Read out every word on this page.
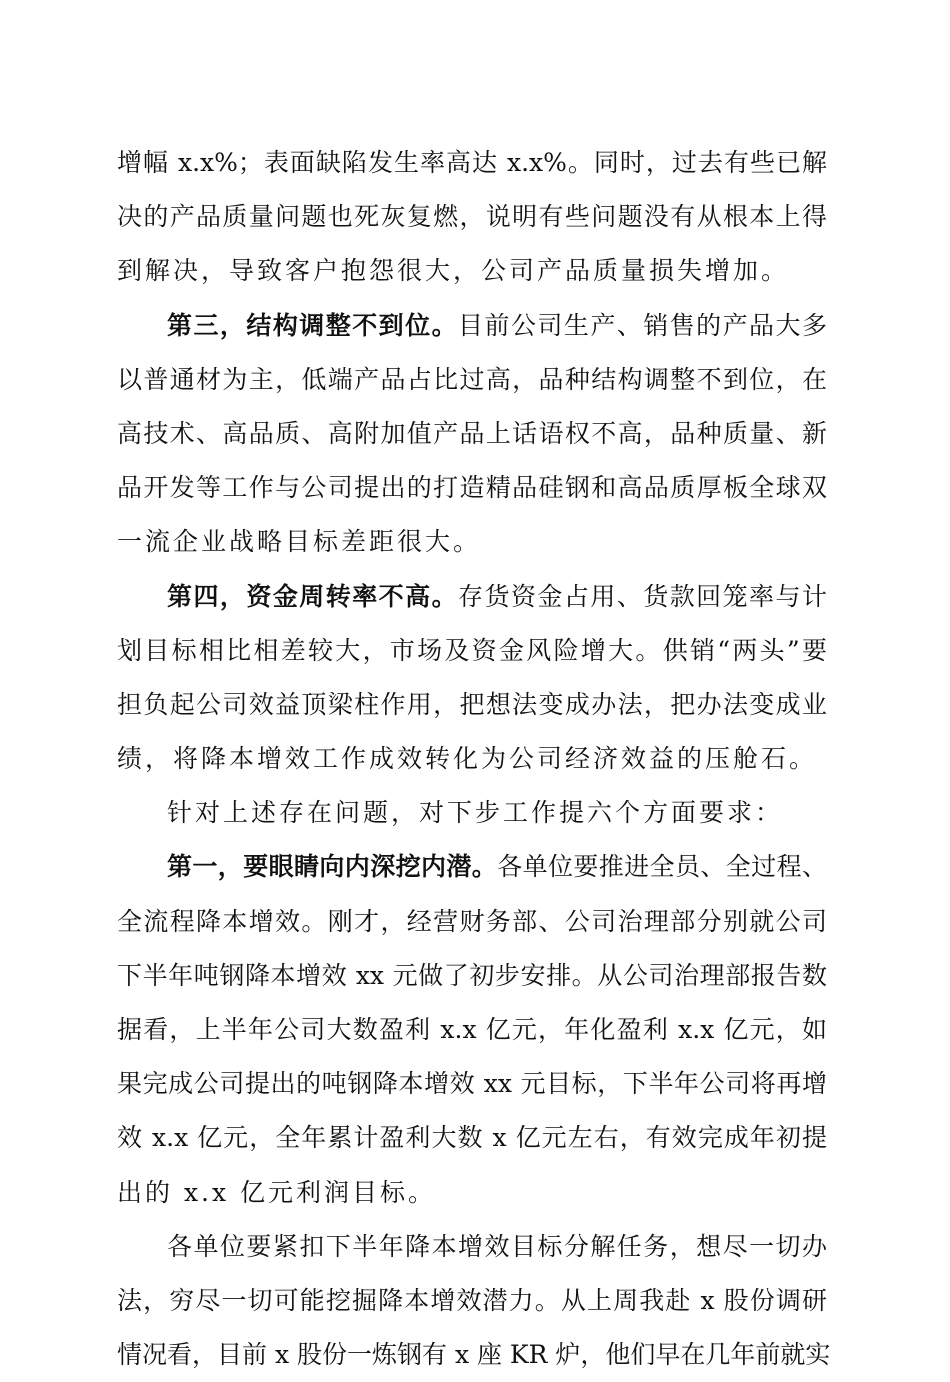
增幅 x.x%；表面缺陷发生率高达 x.x%。同时，过去有些已解
决的产品质量问题也死灰复燃，说明有些问题没有从根本上得
到解决，导致客户抱怨很大，公司产品质量损失增加。
第三，结构调整不到位。目前公司生产、销售的产品大多
以普通材为主，低端产品占比过高，品种结构调整不到位，在
高技术、高品质、高附加值产品上话语权不高，品种质量、新
品开发等工作与公司提出的打造精品硅钢和高品质厚板全球双
一流企业战略目标差距很大。
第四，资金周转率不高。存货资金占用、货款回笼率与计
划目标相比相差较大，市场及资金风险增大。供销“两头”要
担负起公司效益顶梁柱作用，把想法变成办法，把办法变成业
绩，将降本增效工作成效转化为公司经济效益的压舱石。
针对上述存在问题，对下步工作提六个方面要求：
第一，要眼睛向内深挖内潜。各单位要推进全员、全过程、
全流程降本增效。刚才，经营财务部、公司治理部分别就公司
下半年吨钢降本增效 xx 元做了初步安排。从公司治理部报告数
据看，上半年公司大数盈利 x.x 亿元，年化盈利 x.x 亿元，如
果完成公司提出的吨钢降本增效 xx 元目标，下半年公司将再增
效 x.x 亿元，全年累计盈利大数 x 亿元左右，有效完成年初提
出的 x.x 亿元利润目标。
各单位要紧扣下半年降本增效目标分解任务，想尽一切办
法，穷尽一切可能挖掘降本增效潜力。从上周我赴 x 股份调研
情况看，目前 x 股份一炼钢有 x 座 KR 炉，他们早在几年前就实
